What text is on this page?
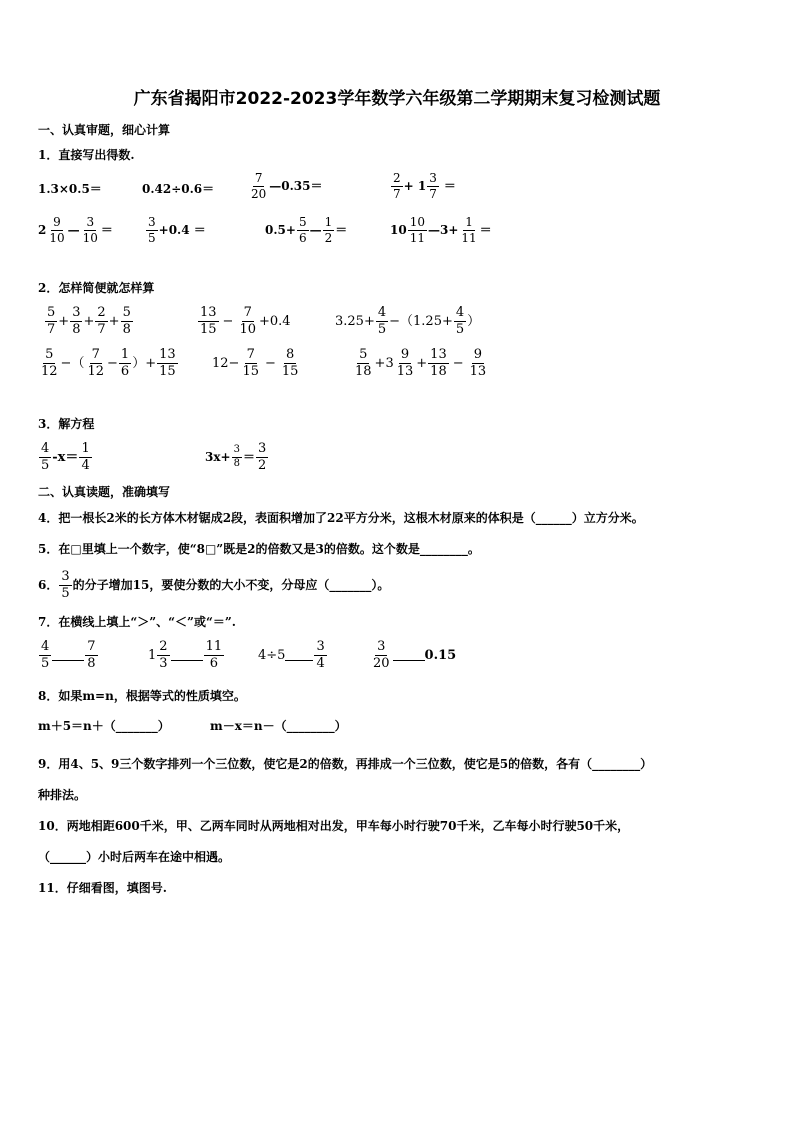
广东省揭阳市2022-2023学年数学六年级第二学期期末复习检测试题
一、认真审题，细心计算
1．直接写出得数.
1.3×0.5＝	0.42÷0.6＝
7
20
—0.35＝
2
7
+ 1
3
7
＝
2
9
10
—
3
10
＝
3
5
+0.4 ＝	$0.5+ \frac{5}{6}$ —
1
2
＝	10
10
11
—3+ $\frac{1}{11}$ ＝
2．怎样简便就怎样算
5
7
+ $\frac{3}{8} + \frac{2}{7} + \frac{5}{8}$	13
15
− $\frac{7}{10} +0.4$	$3.25+ \frac{4}{5} -(1.25+ \frac{4}{5}$ ）
5
12
−（
7
12
− $\frac{1}{6}$ ）+ $\frac{13}{15}$	$12- \frac{7}{15} - \frac{8}{15}$	5
18
+3
9
13
+ $\frac{13}{18} - \frac{9}{13}$
3．解方程
4
5
-x＝
1
4
$3x+ \frac{3}{8}$ ＝
3
2
二、认真读题，准确填写
4．把一根长2米的长方体木材锯成2段，表面积增加了22平方分米，这根木材原来的体积是（______）立方分米。
5．在□里填上一个数字，使“8□”既是2的倍数又是3的倍数。这个数是________。
6．
3
5
的分子增加15，要使分数的大小不变，分母应（_______）。
7．在横线上填上“＞”、“＜”或“＝”.
4
5
7
8
1
2
3
11
6
4÷5
3
4
3
20
0.15
8．如果m=n，根据等式的性质填空。
m＋5＝n＋（_______）	m－x＝n－（________）
9．用4、5、9三个数字排列一个三位数，使它是2的倍数，再排成一个三位数，使它是5的倍数，各有（________）
种排法。
10．两地相距600千米，甲、乙两车同时从两地相对出发，甲车每小时行驶70千米，乙车每小时行驶50千米，
（______）小时后两车在途中相遇。
11．仔细看图，填图号.
